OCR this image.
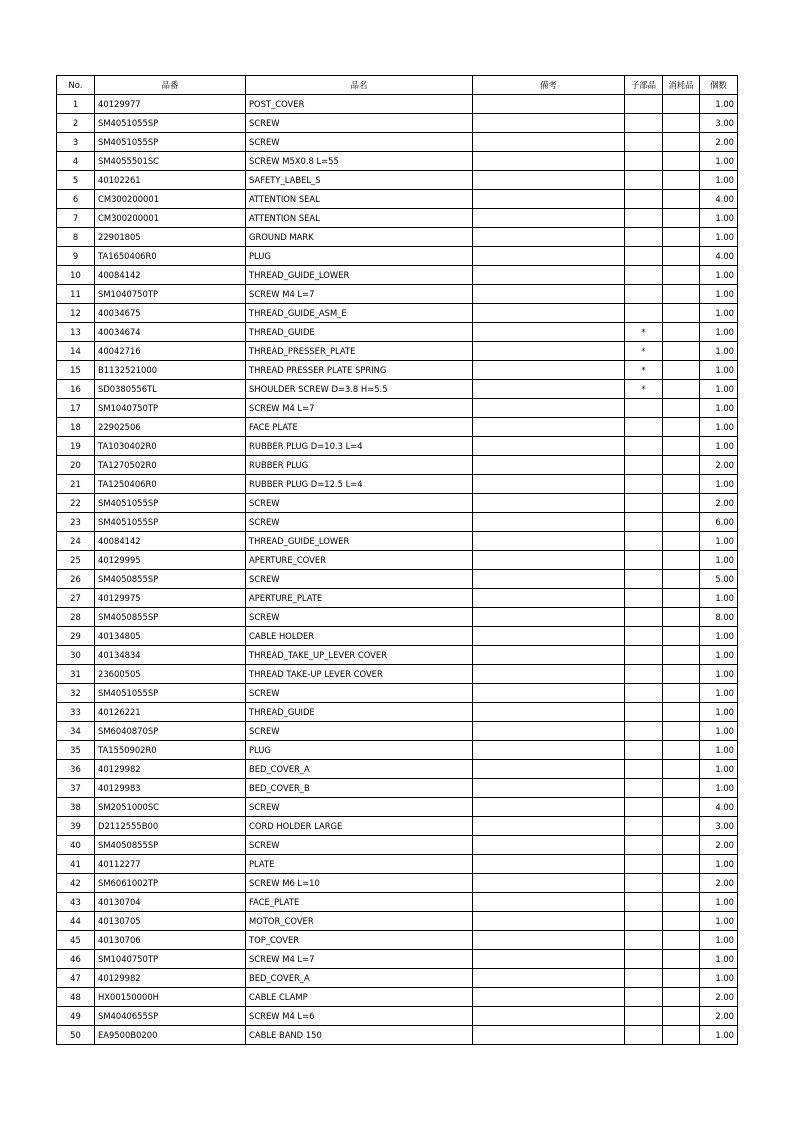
No.	品番	品名	備考	子部品	消耗品	個数
1	40129977	POST_COVER				1.00
2	SM4051055SP	SCREW				3.00
3	SM4051055SP	SCREW				2.00
4	SM4055501SC	SCREW M5X0.8 L=55				1.00
5	40102261	SAFETY_LABEL_S				1.00
6	CM300200001	ATTENTION SEAL				4.00
7	CM300200001	ATTENTION SEAL				1.00
8	22901805	GROUND MARK				1.00
9	TA1650406R0	PLUG				4.00
10	40084142	THREAD_GUIDE_LOWER				1.00
11	SM1040750TP	SCREW M4 L=7				1.00
12	40034675	THREAD_GUIDE_ASM_E				1.00
13	40034674	THREAD_GUIDE		*		1.00
14	40042716	THREAD_PRESSER_PLATE		*		1.00
15	B1132521000	THREAD PRESSER PLATE SPRING		*		1.00
16	SD0380556TL	SHOULDER SCREW D=3.8 H=5.5		*		1.00
17	SM1040750TP	SCREW M4 L=7				1.00
18	22902506	FACE PLATE				1.00
19	TA1030402R0	RUBBER PLUG D=10.3 L=4				1.00
20	TA1270502R0	RUBBER PLUG				2.00
21	TA1250406R0	RUBBER PLUG D=12.5 L=4				1.00
22	SM4051055SP	SCREW				2.00
23	SM4051055SP	SCREW				6.00
24	40084142	THREAD_GUIDE_LOWER				1.00
25	40129995	APERTURE_COVER				1.00
26	SM4050855SP	SCREW				5.00
27	40129975	APERTURE_PLATE				1.00
28	SM4050855SP	SCREW				8.00
29	40134805	CABLE HOLDER				1.00
30	40134834	THREAD_TAKE_UP_LEVER COVER				1.00
31	23600505	THREAD TAKE-UP LEVER COVER				1.00
32	SM4051055SP	SCREW				1.00
33	40126221	THREAD_GUIDE				1.00
34	SM6040870SP	SCREW				1.00
35	TA1550902R0	PLUG				1.00
36	40129982	BED_COVER_A				1.00
37	40129983	BED_COVER_B				1.00
38	SM2051000SC	SCREW				4.00
39	D2112555B00	CORD HOLDER LARGE				3.00
40	SM4050855SP	SCREW				2.00
41	40112277	PLATE				1.00
42	SM6061002TP	SCREW M6 L=10				2.00
43	40130704	FACE_PLATE				1.00
44	40130705	MOTOR_COVER				1.00
45	40130706	TOP_COVER				1.00
46	SM1040750TP	SCREW M4 L=7				1.00
47	40129982	BED_COVER_A				1.00
48	HX00150000H	CABLE CLAMP				2.00
49	SM4040655SP	SCREW M4 L=6				2.00
50	EA9500B0200	CABLE BAND 150				1.00
